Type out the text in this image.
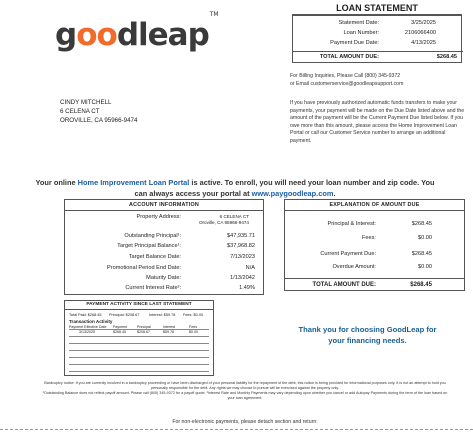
goodleap™
LOAN STATEMENT
Statement Date:	3/25/2025
Loan Number:	2106066400
Payment Due Date:	4/13/2025
TOTAL AMOUNT DUE:	$268.45
For Billing Inquiries, Please Call (800) 345-9372
or Email customerservice@goodleapsupport.com
CINDY MITCHELL
6 CELENA CT
OROVILLE, CA 95966-9474
If you have previously authorized automatic funds transfers to make your payments, your payment will be made on the Due Date listed above and the amount of the payment will be the Current Payment Due listed below. If you owe more than this amount, please access the Home Improvement Loan Portal or call our Customer Service number to arrange an additional payment.
Your online Home Improvement Loan Portal is active. To enroll, you will need your loan number and zip code. You can always access your portal at www.paygoodleap.com.
ACCOUNT INFORMATION
Property Address:	6 CELENA CT
Oroville, CA 95966-9474
Outstanding Principal¹:	$47,935.71
Target Principal Balance¹:	$37,968.82
Target Balance Date:	7/13/2023
Promotional Period End Date:	N/A
Maturity Date:	1/13/2042
Current Interest Rate²:	1.49%
EXPLANATION OF AMOUNT DUE
Principal & Interest:	$268.45
Fees:	$0.00
Current Payment Due:	$268.45
Overdue Amount:	$0.00
TOTAL AMOUNT DUE:	$268.45
PAYMENT ACTIVITY SINCE LAST STATEMENT
Total Paid: $268.45 Principal: $208.67	Interest: $59.78 Fees: $0.00
Transaction Activity
Payment Effective Date Payment	Principal	Interest	Fees
3/13/2025	$268.45	$208.67	$59.78	$0.00	Thank you for choosing GoodLeap for
your financing needs.
Bankruptcy notice: If you are currently involved in a bankruptcy proceeding or have been discharged of your personal liability for the repayment of the debt, this notice is being provided for informational purposes only. It is not an attempt to hold you personally responsible for the debt. Any rights we may choose to pursue will be exercised against the property only.
¹Outstanding Balance does not reflect payoff amount. Please call (800) 345-9372 for a payoff quote. ²Interest Rate and Monthly Payments may vary depending upon whether you cancel or add Autopay Payments during the term of the loan based on your loan agreement.
For non-electronic payments, please detach section and return:
